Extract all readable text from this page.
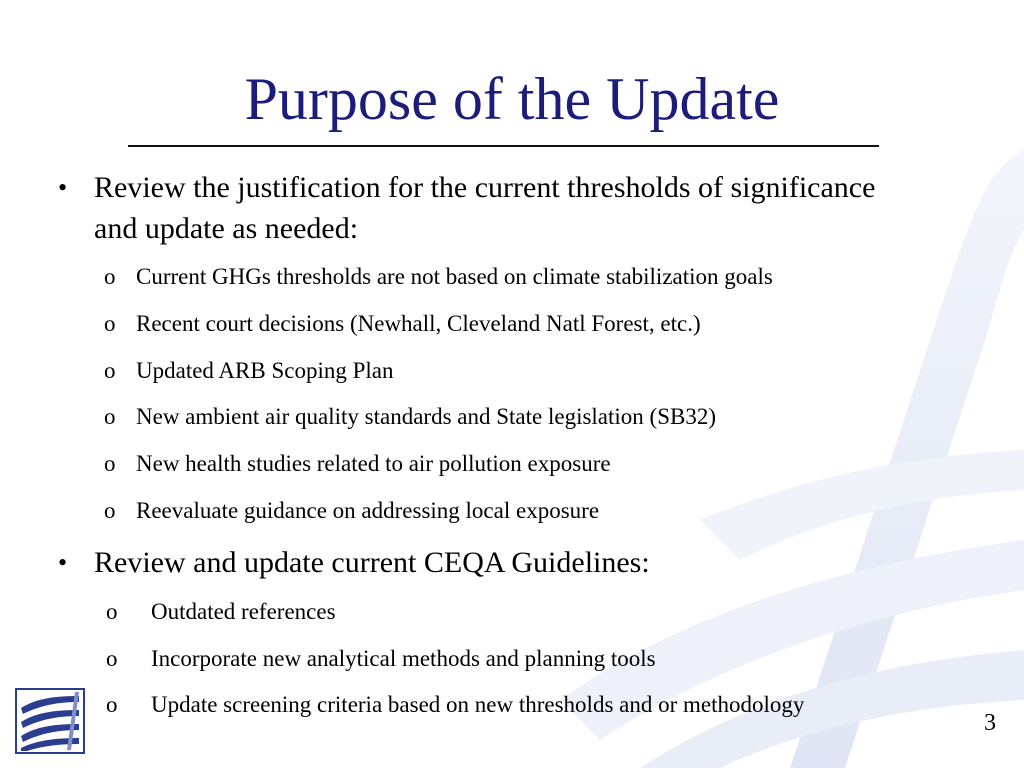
Purpose of the Update
• Review the justification for the current thresholds of significance
and update as needed:
o Current GHGs thresholds are not based on climate stabilization goals
o Recent court decisions (Newhall, Cleveland Natl Forest, etc.)
o Updated ARB Scoping Plan
o New ambient air quality standards and State legislation (SB32)
o New health studies related to air pollution exposure
o Reevaluate guidance on addressing local exposure
• Review and update current CEQA Guidelines:
o Outdated references
o Incorporate new analytical methods and planning tools
o Update screening criteria based on new thresholds and or methodology
3
